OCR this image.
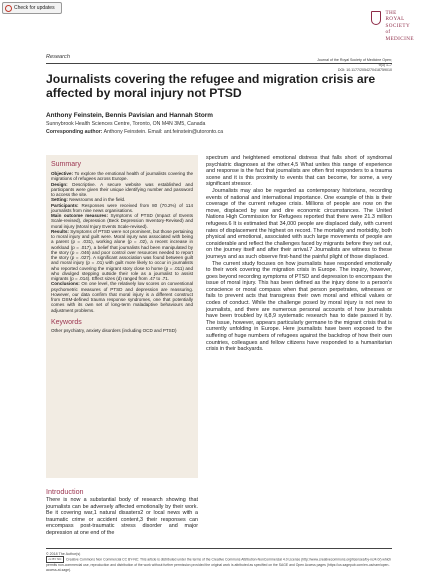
Check for updates
THE
ROYAL
SOCIETY
of
MEDICINE
Research	Journal of the Royal Society of Medicine Open;
9(3) 1–7
DOI: 10.1177/2054270418759010
Journalists covering the refugee and migration crisis are affected by moral injury not PTSD
Anthony Feinstein, Bennis Pavisian and Hannah Storm
Sunnybrook Health Sciences Centre, Toronto, ON M4N 3M5, Canada
Corresponding author: Anthony Feinstein. Email: ant.feinstein@utoronto.ca
Summary

Objective: To explore the emotional health of journalists covering the migrations of refugees across Europe.

Design: Descriptive. A secure website was established and participants were given their unique identifying number and password to access the site.

Setting: Newsrooms and in the field.

Participants: Responses were received from 80 (70.2%) of 114 journalists from nine news organisations.

Main outcome measures: Symptoms of PTSD (Impact of Events Scale-revised), depression (Beck Depression Inventory-Revised) and moral injury (Moral Injury Events Scale-revised).

Results: Symptoms of PTSD were not prominent, but those pertaining to moral injury and guilt were. Moral injury was associated with being a parent (p = .031), working alone (p = .02), a recent increase in workload (p = .017), a belief that journalists had been manipulated by the story (p = .046) and poor control over resources needed to report the story (p = .027). A significant association was found between guilt and moral injury (p = .01) with guilt more likely to occur in journalists who reported covering the migrant story close to home (p = .011) and who divulged stepping outside their role as a journalist to assist migrants (p = .014). Effect sizes (d) ranged from .47 to .71.

Conclusions: On one level, the relatively low scores on conventional psychometric measures of PTSD and depression are reassuring. However, our data confirm that moral injury is a different construct from DSM-defined trauma response syndromes, one that potentially comes with its own set of long-term maladaptive behaviours and adjustment problems.

Keywords
Other psychiatry, anxiety disorders (including OCD and PTSD)
Introduction
There is now a substantial body of research showing that journalists can be adversely affected emotionally by their work. Be it covering war,1 natural disasters2 or local news with a traumatic crime or accident content,3 their responses can encompass post-traumatic stress disorder and major depression at one end of the

spectrum and heightened emotional distress that falls short of syndromal psychiatric diagnoses at the other.4,5 What unites this range of experience and response is the fact that journalists are often first responders to a trauma scene and it is this proximity to events that can become, for some, a very significant stressor.

Journalists may also be regarded as contemporary historians, recording events of national and international importance. One example of this is their coverage of the current refugee crisis. Millions of people are now on the move, displaced by war and dire economic circumstances. The United Nations High Commission for Refugees reported that there were 21.3 million refugees.6 It is estimated that 34,000 people are displaced daily, with current rates of displacement the highest on record. The mortality and morbidity, both physical and emotional, associated with such large movements of people are considerable and reflect the challenges faced by migrants before they set out, on the journey itself and after their arrival.7 Journalists are witness to these journeys and as such observe first-hand the painful plight of those displaced.

The current study focuses on how journalists have responded emotionally to their work covering the migration crisis in Europe. The inquiry, however, goes beyond recording symptoms of PTSD and depression to encompass the issue of moral injury. This has been defined as the injury done to a person's conscience or moral compass when that person perpetrates, witnesses or fails to prevent acts that transgress their own moral and ethical values or codes of conduct. While the challenge posed by moral injury is not new to journalists, and there are numerous personal accounts of how journalists have been troubled by it,8,9 systematic research has to date passed it by. The issue, however, appears particularly germane to the migrant crisis that is currently unfolding in Europe. Here journalists have been exposed to the suffering of huge numbers of refugees against the backdrop of how their own countries, colleagues and fellow citizens have responded to a humanitarian crisis in their backyards.

© 2018 The Author(s)
cc BY NC Creative Commons Non Commercial CC BY-NC: This article is distributed under the terms of the Creative Commons Attribution-NonCommercial 4.0 License (http://www.creativecommons.org/licenses/by-nc/4.0/) which permits non-commercial use, reproduction and distribution of the work without further permission provided the original work is attributed as specified on the SAGE and Open Access pages (https://us.sagepub.com/en-us/nam/open-access-at-sage).
